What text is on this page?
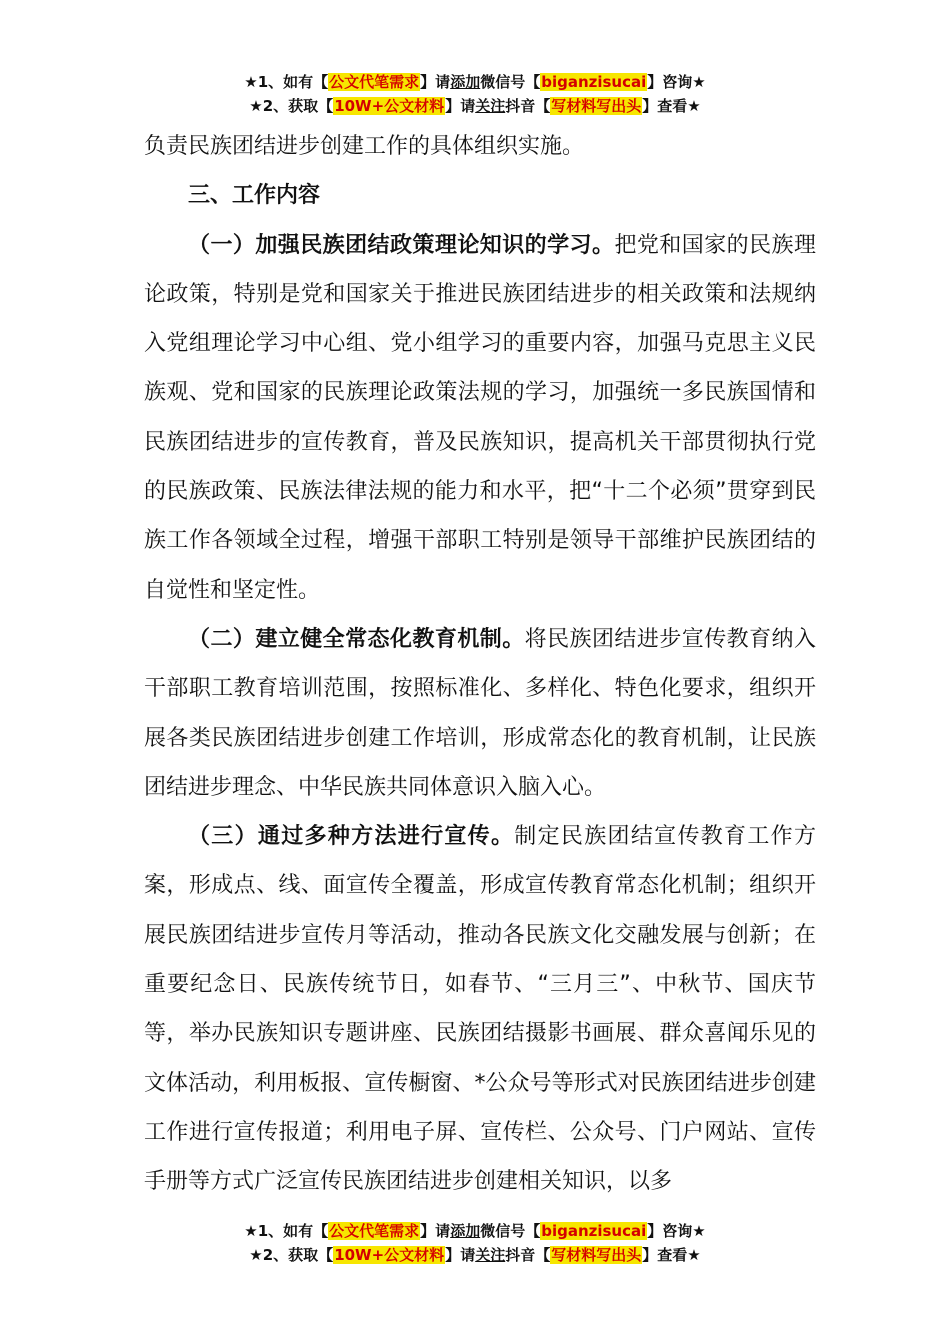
★1、如有【公文代笔需求】请添加微信号【biganzisucai】咨询★
★2、获取【10W+公文材料】请关注抖音【写材料写出头】查看★

负责民族团结进步创建工作的具体组织实施。

三、工作内容

（一）加强民族团结政策理论知识的学习。把党和国家的民族理论政策，特别是党和国家关于推进民族团结进步的相关政策和法规纳入党组理论学习中心组、党小组学习的重要内容，加强马克思主义民族观、党和国家的民族理论政策法规的学习，加强统一多民族国情和民族团结进步的宣传教育，普及民族知识，提高机关干部贯彻执行党的民族政策、民族法律法规的能力和水平，把“十二个必须”贯穿到民族工作各领域全过程，增强干部职工特别是领导干部维护民族团结的自觉性和坚定性。

（二）建立健全常态化教育机制。将民族团结进步宣传教育纳入干部职工教育培训范围，按照标准化、多样化、特色化要求，组织开展各类民族团结进步创建工作培训，形成常态化的教育机制，让民族团结进步理念、中华民族共同体意识入脑入心。

（三）通过多种方法进行宣传。制定民族团结宣传教育工作方案，形成点、线、面宣传全覆盖，形成宣传教育常态化机制；组织开展民族团结进步宣传月等活动，推动各民族文化交融发展与创新；在重要纪念日、民族传统节日，如春节、“三月三”、中秋节、国庆节等，举办民族知识专题讲座、民族团结摄影书画展、群众喜闻乐见的文体活动，利用板报、宣传橱窗、*公众号等形式对民族团结进步创建工作进行宣传报道；利用电子屏、宣传栏、公众号、门户网站、宣传手册等方式广泛宣传民族团结进步创建相关知识，以多

★1、如有【公文代笔需求】请添加微信号【biganzisucai】咨询★
★2、获取【10W+公文材料】请关注抖音【写材料写出头】查看★
